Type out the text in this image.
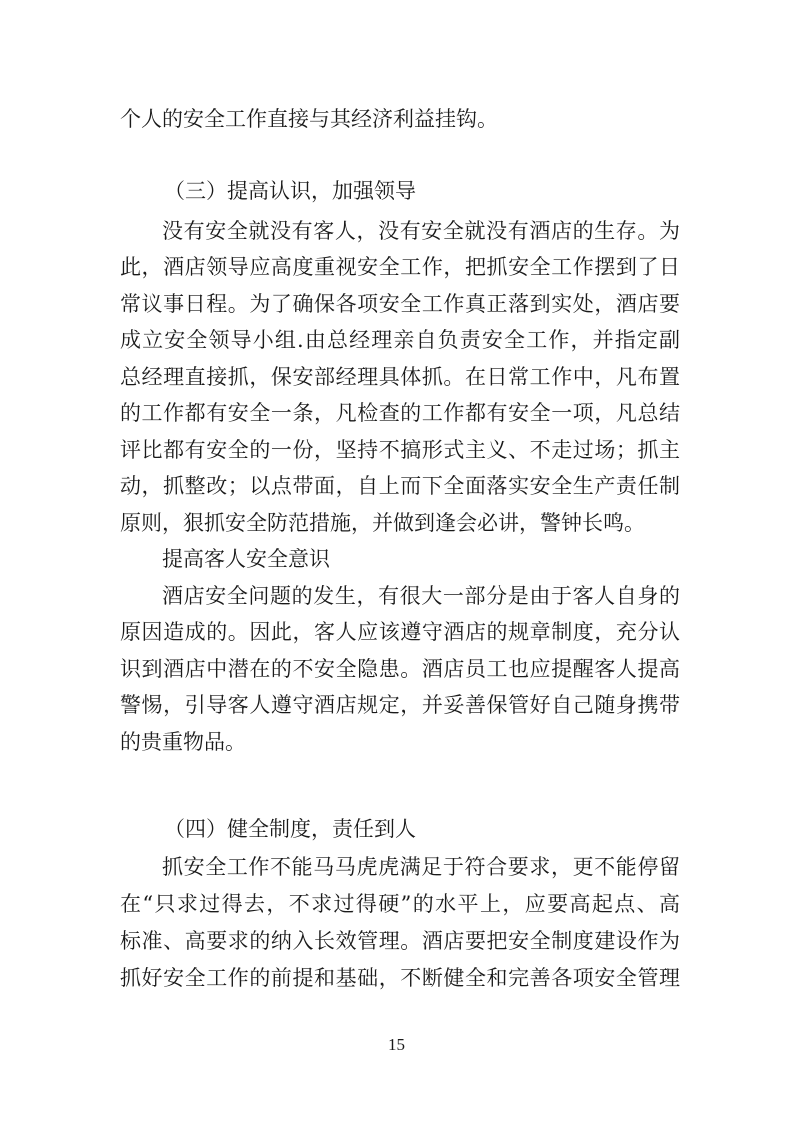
个人的安全工作直接与其经济利益挂钩。
（三）提高认识，加强领导
没有安全就没有客人，没有安全就没有酒店的生存。为
此，酒店领导应高度重视安全工作，把抓安全工作摆到了日
常议事日程。为了确保各项安全工作真正落到实处，酒店要
成立安全领导小组.由总经理亲自负责安全工作，并指定副
总经理直接抓，保安部经理具体抓。在日常工作中，凡布置
的工作都有安全一条，凡检查的工作都有安全一项，凡总结
评比都有安全的一份，坚持不搞形式主义、不走过场；抓主
动，抓整改；以点带面，自上而下全面落实安全生产责任制
原则，狠抓安全防范措施，并做到逢会必讲，警钟长鸣。
提高客人安全意识
酒店安全问题的发生，有很大一部分是由于客人自身的
原因造成的。因此，客人应该遵守酒店的规章制度，充分认
识到酒店中潜在的不安全隐患。酒店员工也应提醒客人提高
警惕，引导客人遵守酒店规定，并妥善保管好自己随身携带
的贵重物品。
（四）健全制度，责任到人
抓安全工作不能马马虎虎满足于符合要求，更不能停留
在“只求过得去，不求过得硬”的水平上，应要高起点、高
标准、高要求的纳入长效管理。酒店要把安全制度建设作为
抓好安全工作的前提和基础，不断健全和完善各项安全管理
15
